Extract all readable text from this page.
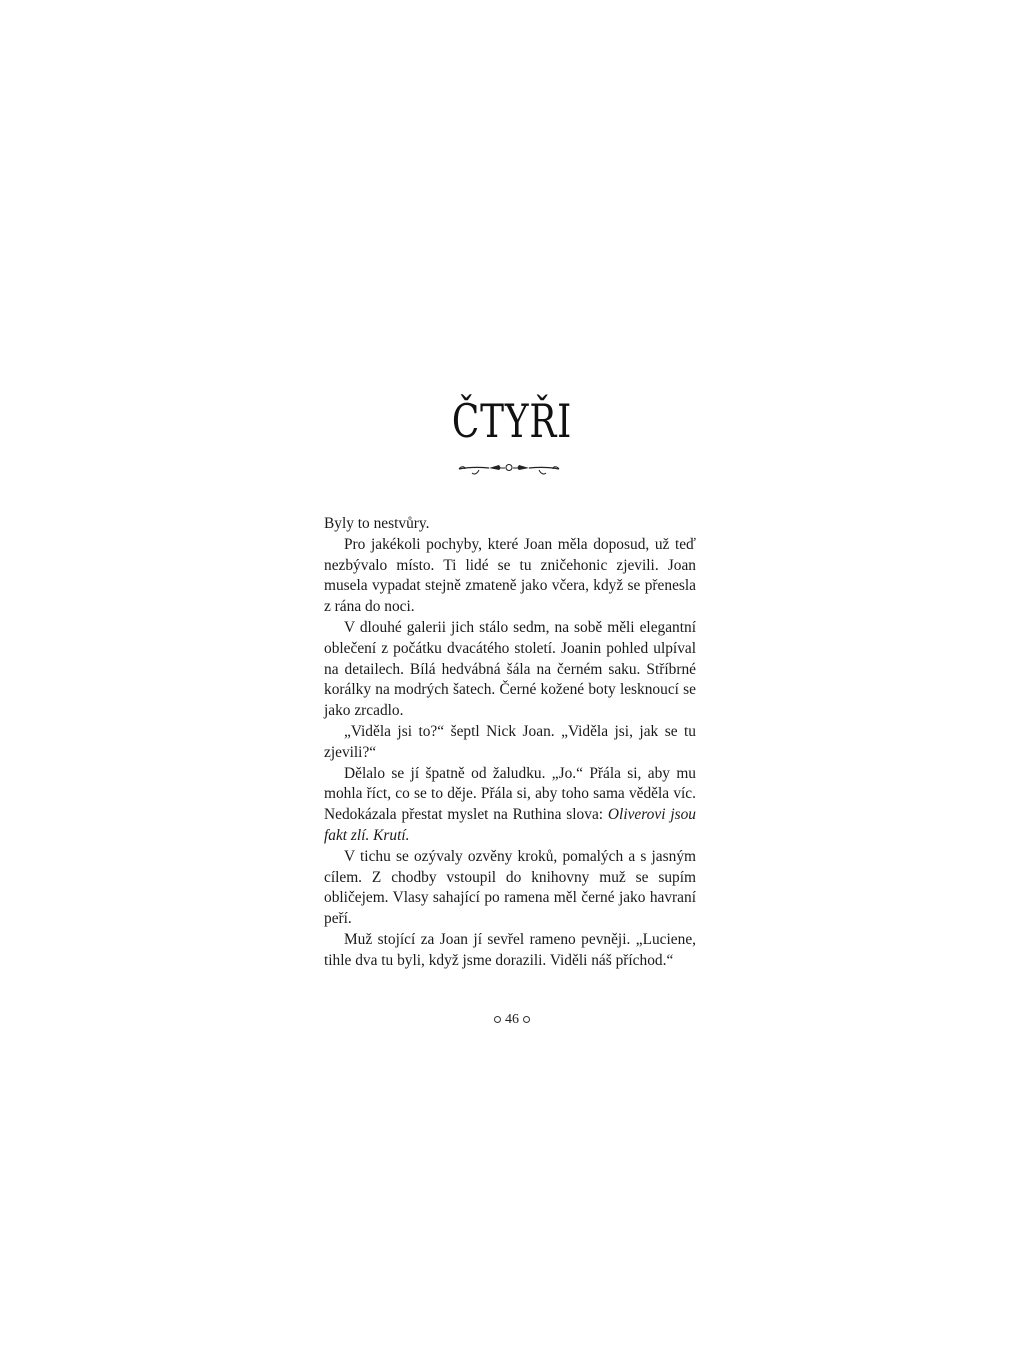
ČTYŘI

Byly to nestvůry.

Pro jakékoli pochyby, které Joan měla doposud, už teď nezbývalo místo. Ti lidé se tu zničehonic zjevili. Joan musela vypadat stejně zmateně jako včera, když se přenesla z rána do noci.

V dlouhé galerii jich stálo sedm, na sobě měli elegantní oblečení z počátku dvacátého století. Joanin pohled ulpíval na detailech. Bílá hedvábná šála na černém saku. Stříbrné korálky na modrých šatech. Černé kožené boty lesknoucí se jako zrcadlo.

„Viděla jsi to?“ šeptl Nick Joan. „Viděla jsi, jak se tu zjevili?“

Dělalo se jí špatně od žaludku. „Jo.“ Přála si, aby mu mohla říct, co se to děje. Přála si, aby toho sama věděla víc. Nedokázala přestat myslet na Ruthina slova: Oliverovi jsou fakt zlí. Krutí.

V tichu se ozývaly ozvěny kroků, pomalých a s jasným cílem. Z chodby vstoupil do knihovny muž se supím obličejem. Vlasy sahající po ramena měl černé jako havraní peří.

Muž stojící za Joan jí sevřel rameno pevněji. „Luciene, tihle dva tu byli, když jsme dorazili. Viděli náš příchod.“

46
